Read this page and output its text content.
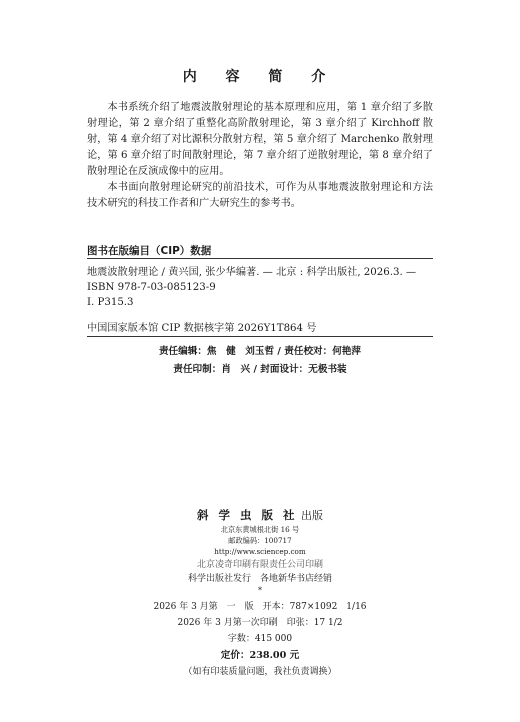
内 容 简 介

本书系统介绍了地震波散射理论的基本原理和应用，第 1 章介绍了多散射理论，第 2 章介绍了重整化高阶散射理论，第 3 章介绍了 Kirchhoff 散射，第 4 章介绍了对比源积分散射方程，第 5 章介绍了 Marchenko 散射理论，第 6 章介绍了时间散射理论，第 7 章介绍了逆散射理论，第 8 章介绍了散射理论在反演成像中的应用。

本书面向散射理论研究的前沿技术，可作为从事地震波散射理论和方法技术研究的科技工作者和广大研究生的参考书。

图书在版编目（CIP）数据
地震波散射理论 / 黄兴国, 张少华编著. — 北京 : 科学出版社, 2026.3. — ISBN 978-7-03-085123-9
Ⅰ. P315.3
中国国家版本馆 CIP 数据核字第 2026Y1T864 号
责任编辑：焦　健　刘玉哲 / 责任校对：何艳萍
责任印制：肖　兴 / 封面设计：无极书装
斜 学 虫 版 社 出版
北京东黄城根北街 16 号
邮政编码：100717
http://www.sciencep.com
北京凌奇印刷有限责任公司印刷
科学出版社发行　各地新华书店经销
*
2026 年 3 月第　一　版　开本：787×1092　1/16
2026 年 3 月第一次印刷　印张：17 1/2
字数：415 000
定价：238.00 元
（如有印装质量问题，我社负责调换）
